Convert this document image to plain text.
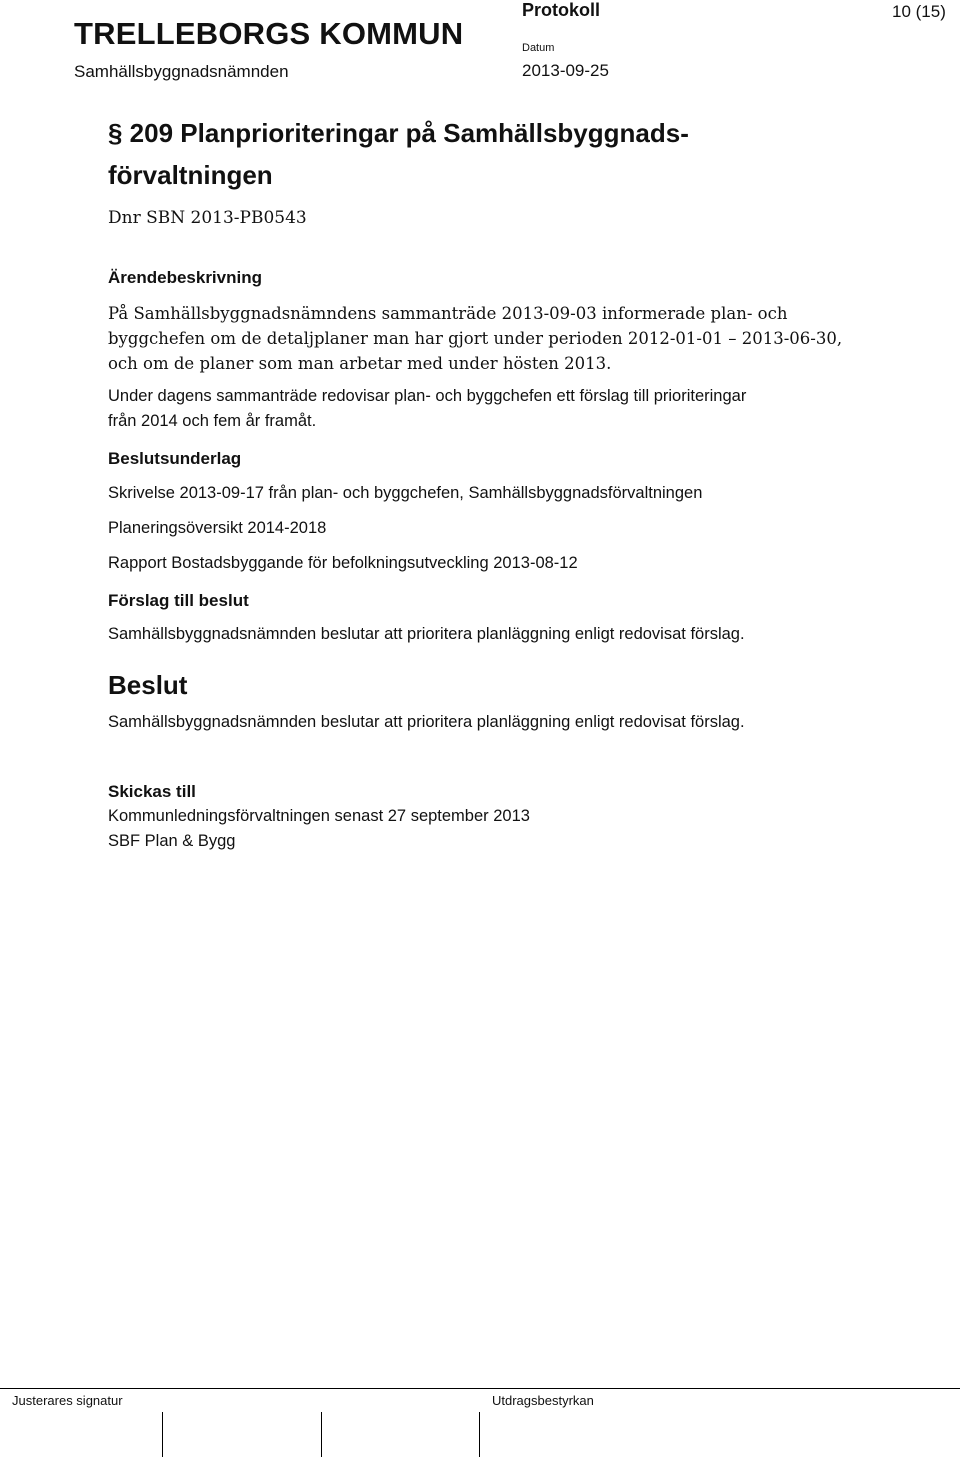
TRELLEBORGS KOMMUN
Samhällsbyggnadsnämnden
Protokoll
Datum
2013-09-25
10 (15)
§ 209 Planprioriteringar på Samhällsbyggnads-
förvaltningen
Dnr SBN 2013-PB0543
Ärendebeskrivning
På Samhällsbyggnadsnämndens sammanträde 2013-09-03 informerade plan- och
byggchefen om de detaljplaner man har gjort under perioden 2012-01-01 – 2013-06-30,
och om de planer som man arbetar med under hösten 2013.
Under dagens sammanträde redovisar plan- och byggchefen ett förslag till prioriteringar
från 2014 och fem år framåt.
Beslutsunderlag
Skrivelse 2013-09-17 från plan- och byggchefen, Samhällsbyggnadsförvaltningen
Planeringsöversikt 2014-2018
Rapport Bostadsbyggande för befolkningsutveckling 2013-08-12
Förslag till beslut
Samhällsbyggnadsnämnden beslutar att prioritera planläggning enligt redovisat förslag.
Beslut
Samhällsbyggnadsnämnden beslutar att prioritera planläggning enligt redovisat förslag.
Skickas till
Kommunledningsförvaltningen senast 27 september 2013
SBF Plan & Bygg
Justerares signatur	Utdragsbestyrkan
